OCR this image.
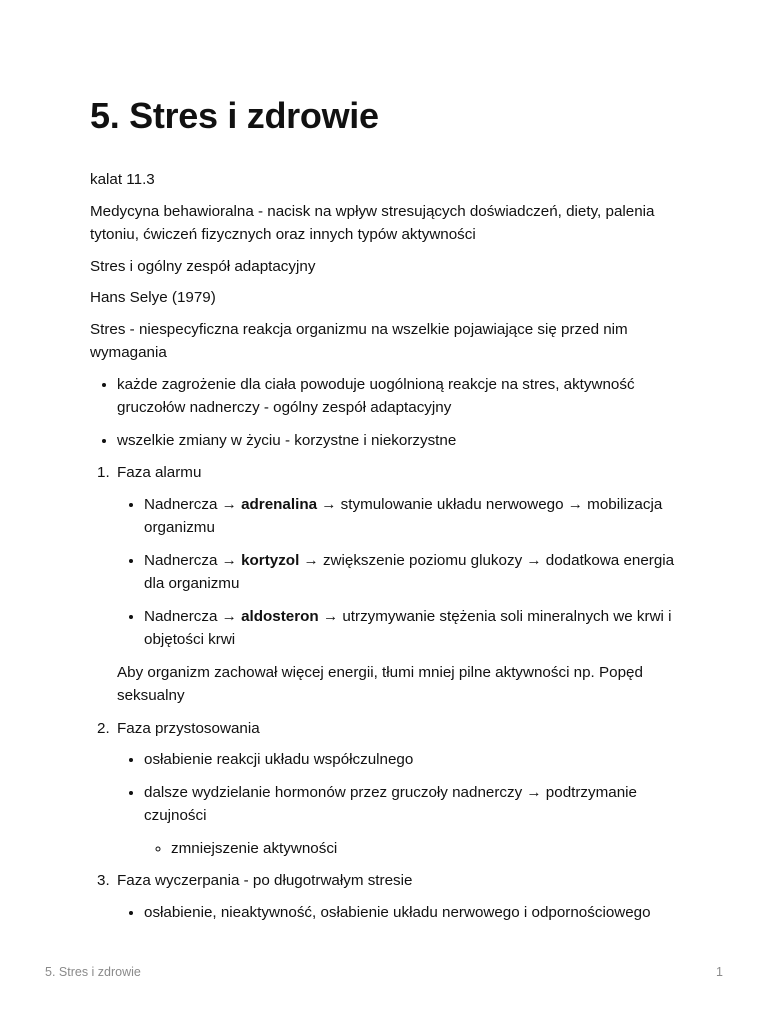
5. Stres i zdrowie

kalat 11.3

Medycyna behawioralna - nacisk na wpływ stresujących doświadczeń, diety, palenia tytoniu, ćwiczeń fizycznych oraz innych typów aktywności

Stres i ogólny zespół adaptacyjny

Hans Selye (1979)

Stres - niespecyficzna reakcja organizmu na wszelkie pojawiające się przed nim wymagania

• każde zagrożenie dla ciała powoduje uogólnioną reakcje na stres, aktywność gruczołów nadnerczy - ogólny zespół adaptacyjny
• wszelkie zmiany w życiu - korzystne i niekorzystne
1. Faza alarmu
• Nadnercza → adrenalina → stymulowanie układu nerwowego → mobilizacja organizmu
• Nadnercza → kortyzol → zwiększenie poziomu glukozy → dodatkowa energia dla organizmu
• Nadnercza → aldosteron → utrzymywanie stężenia soli mineralnych we krwi i objętości krwi

Aby organizm zachował więcej energii, tłumi mniej pilne aktywności np. Popęd seksualny

2. Faza przystosowania
• osłabienie reakcji układu współczulnego
• dalsze wydzielanie hormonów przez gruczoły nadnerczy → podtrzymanie czujności
◦ zmniejszenie aktywności
3. Faza wyczerpania - po długotrwałym stresie
• osłabienie, nieaktywność, osłabienie układu nerwowego i odpornościowego
5. Stres i zdrowie	1
